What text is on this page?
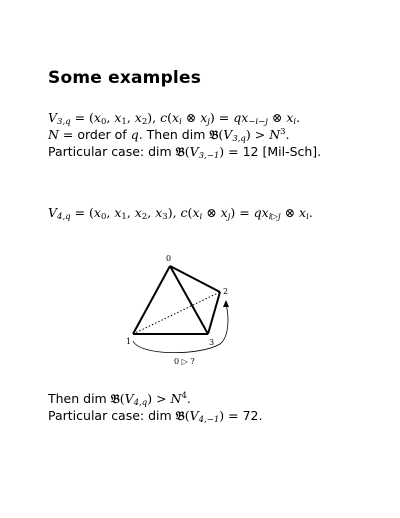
Some examples
$V_{3,q} = (x_0$, $x_1$, $x_2$), $c(x_i$ ⊗ $x_j) = qx_{-i-j}$ ⊗ $x_i$.
N = order of q. Then dim $𝔅(V_{3,q}) > N^3$.
Particular case: dim $𝔅(V_{3,-1}) = 12$ [Mil-Sch].
$V_{4,q} = (x_0$, $x_1$, $x_2$, $x_3$), $c(x_i$ ⊗ $x_j) = qx_{i▷j}$ ⊗ $x_i$.
0
1
2
3
0 ▷ ?
Then dim $𝔅(V_{4,q}) > N^4$.
Particular case: dim $𝔅(V_{4,-1}) = 72$.
